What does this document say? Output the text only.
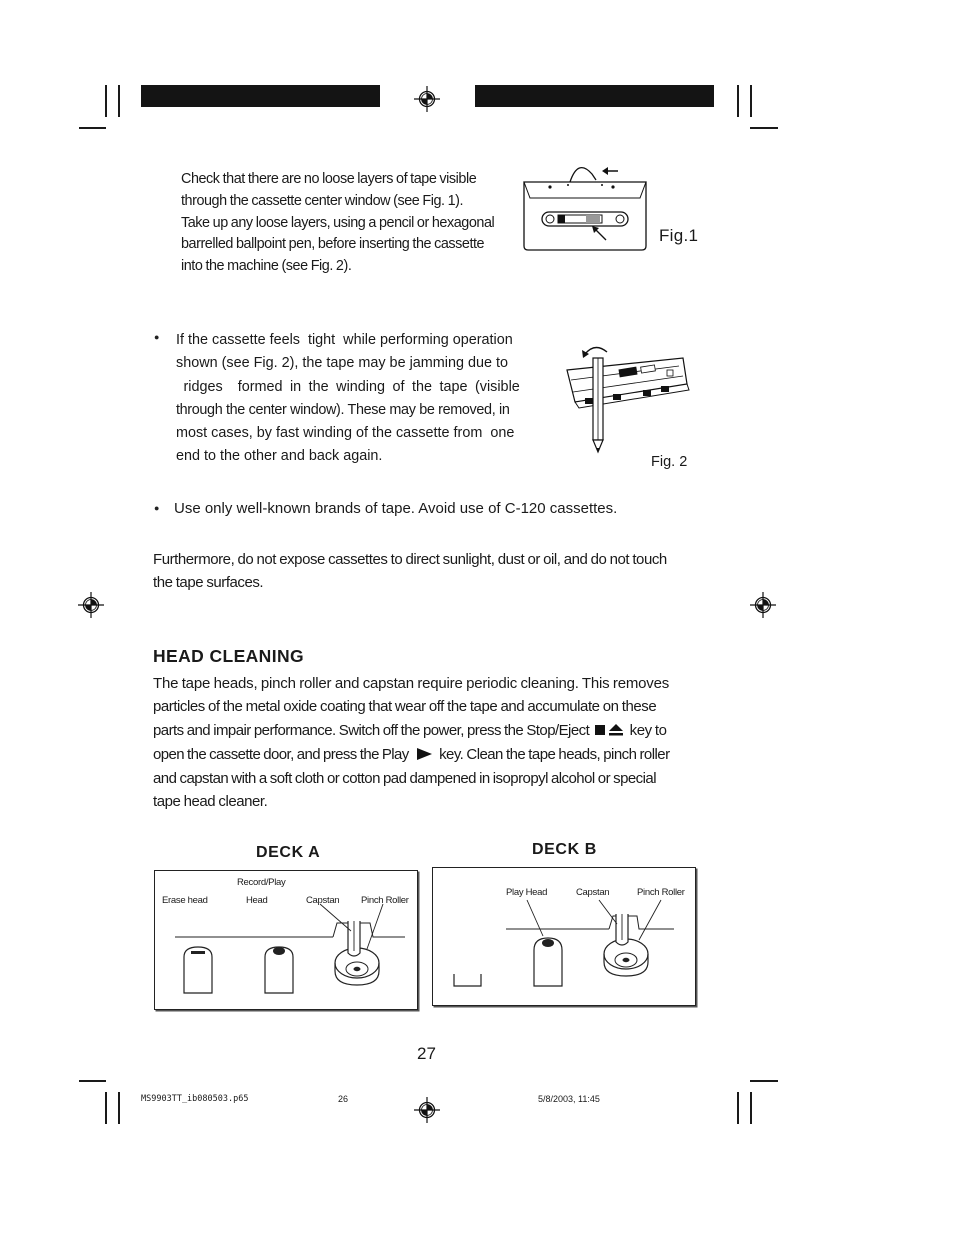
Check that there are no loose layers of tape visible
through the cassette center window (see Fig. 1).
Take up any loose layers, using a pencil or hexagonal
barrelled ballpoint pen, before inserting the cassette
into the machine (see Fig. 2).
Fig.1
● If the cassette feels  tight  while performing operation
shown (see Fig. 2), the tape may be jamming due to
ridges  formed in the winding of the tape (visible
through the center window). These may be removed, in
most cases, by fast winding of the cassette from  one
end to the other and back again.	Fig. 2
● Use only well-known brands of tape. Avoid use of C-120 cassettes.
Furthermore, do not expose cassettes to direct sunlight, dust or oil, and do not touch
the tape surfaces.
HEAD CLEANING
The tape heads, pinch roller and capstan require periodic cleaning. This removes
particles of the metal oxide coating that wear off the tape and accumulate on these
parts and impair performance. Switch off the power, press the Stop/Eject	key to
open the cassette door, and press the Play key. Clean the tape heads, pinch roller
and capstan with a soft cloth or cotton pad dampened in isopropyl alcohol or special
tape head cleaner.
DECK A
Record/Play
Erase head	Head	Capstan Pinch Roller
DECK B
Play Head	Capstan	Pinch Roller
27
MS9903TT_ib080503.p65	26	5/8/2003, 11:45
